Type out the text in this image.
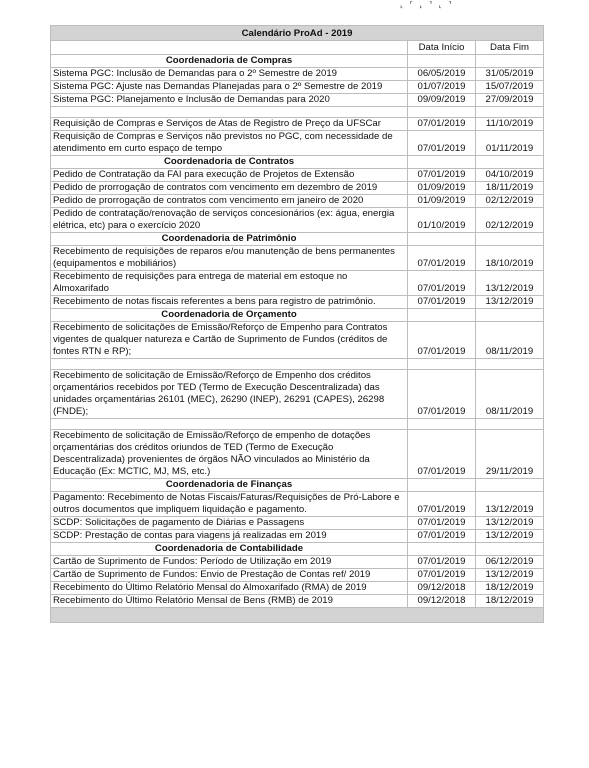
⸤ ⸢ ⸤ ⸣ ⸤ ⸣
Calendário ProAd - 2019		
	Data Início	Data Fim
Coordenadoria de Compras		
Sistema PGC: Inclusão de Demandas para o 2º Semestre de 2019	06/05/2019	31/05/2019
Sistema PGC: Ajuste nas Demandas Planejadas para o 2º Semestre de 2019	01/07/2019	15/07/2019
Sistema PGC: Planejamento e Inclusão de Demandas para 2020	09/09/2019	27/09/2019

Requisição de Compras e Serviços de Atas de Registro de Preço da UFSCar	07/01/2019	11/10/2019
Requisição de Compras e Serviços não previstos no PGC, com necessidade de atendimento em curto espaço de tempo	07/01/2019	01/11/2019
Coordenadoria de Contratos		
Pedido de Contratação da FAI para execução de Projetos de Extensão	07/01/2019	04/10/2019
Pedido de prorrogação de contratos com vencimento em dezembro de 2019	01/09/2019	18/11/2019
Pedido de prorrogação de contratos com vencimento em janeiro de 2020	01/09/2019	02/12/2019
Pedido de contratação/renovação de serviços concesionários (ex: água, energia elétrica, etc) para o exercício 2020	01/10/2019	02/12/2019
Coordenadoria de Patrimônio		
Recebimento de requisições de reparos e/ou manutenção de bens permanentes (equipamentos e mobiliários)	07/01/2019	18/10/2019
Recebimento de requisições para entrega de material em estoque no Almoxarifado	07/01/2019	13/12/2019
Recebimento de notas fiscais referentes a bens para registro de patrimônio.	07/01/2019	13/12/2019
Coordenadoria de Orçamento		
Recebimento de solicitações de Emissão/Reforço de Empenho para Contratos vigentes de qualquer natureza e Cartão de Suprimento de Fundos (créditos de fontes RTN e RP);	07/01/2019	08/11/2019

Recebimento de solicitação de Emissão/Reforço de Empenho dos créditos orçamentários recebidos por TED (Termo de Execução Descentralizada) das unidades orçamentárias 26101 (MEC), 26290 (INEP), 26291 (CAPES), 26298 (FNDE);	07/01/2019	08/11/2019

Recebimento de solicitação de Emissão/Reforço de empenho de dotações orçamentárias dos créditos oriundos de TED (Termo de Execução Descentralizada) provenientes de órgãos NÃO vinculados ao Ministério da Educação (Ex: MCTIC, MJ, MS, etc.)	07/01/2019	29/11/2019
Coordenadoria de Finanças		
Pagamento: Recebimento de Notas Fiscais/Faturas/Requisições de Pró-Labore e outros documentos que impliquem liquidação e pagamento.	07/01/2019	13/12/2019
SCDP: Solicitações de pagamento de Diárias e Passagens	07/01/2019	13/12/2019
SCDP: Prestação de contas para viagens já realizadas em 2019	07/01/2019	13/12/2019
Coordenadoria de Contabilidade		
Cartão de Suprimento de Fundos: Período de Utilização em 2019	07/01/2019	06/12/2019
Cartão de Suprimento de Fundos: Envio de Prestação de Contas ref/ 2019	07/01/2019	13/12/2019
Recebimento do Último Relatório Mensal do Almoxarifado (RMA) de 2019	09/12/2018	18/12/2019
Recebimento do Último Relatório Mensal de Bens (RMB) de 2019	09/12/2018	18/12/2019
